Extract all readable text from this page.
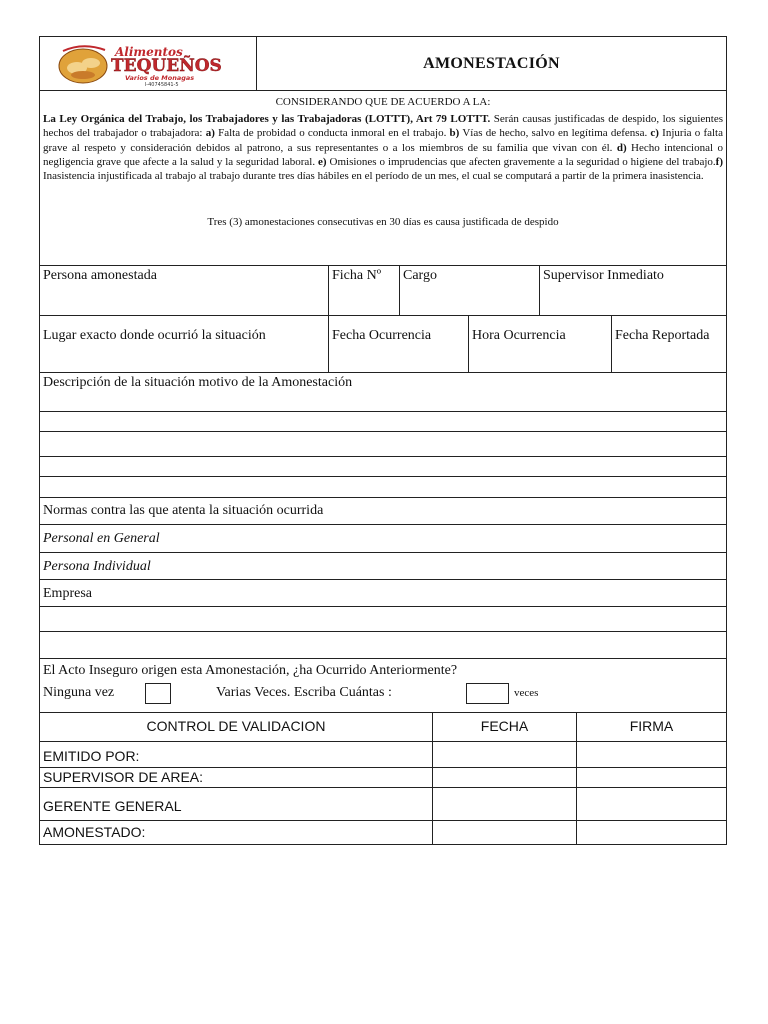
Alimentos
TEQUEÑOS
Varios de Monagas
J-40745841-5
AMONESTACIÓN
CONSIDERANDO QUE DE ACUERDO A LA:
La Ley Orgánica del Trabajo, los Trabajadores y las Trabajadoras (LOTTT), Art 79 LOTTT. Serán causas justificadas de despido, los siguientes hechos del trabajador o trabajadora: a) Falta de probidad o conducta inmoral en el trabajo. b) Vías de hecho, salvo en legítima defensa. c) Injuria o falta grave al respeto y consideración debidos al patrono, a sus representantes o a los miembros de su familia que vivan con él. d) Hecho intencional o negligencia grave que afecte a la salud y la seguridad laboral. e) Omisiones o imprudencias que afecten gravemente a la seguridad o higiene del trabajo.f) Inasistencia injustificada al trabajo al trabajo durante tres días hábiles en el período de un mes, el cual se computará a partir de la primera inasistencia.
Tres (3) amonestaciones consecutivas en 30 días es causa justificada de despido
Persona amonestada	Ficha Nº	Cargo	Supervisor Inmediato
Lugar exacto donde ocurrió la situación	Fecha Ocurrencia	Hora Ocurrencia	Fecha Reportada
Descripción de la situación motivo de la Amonestación
Normas contra las que atenta la situación ocurrida
Personal en General
Persona Individual
Empresa
El Acto Inseguro origen esta Amonestación, ¿ha Ocurrido Anteriormente?
Ninguna vez	Varias Veces. Escriba Cuántas :	veces
CONTROL DE VALIDACION	FECHA	FIRMA
EMITIDO POR:
SUPERVISOR DE AREA:
GERENTE GENERAL
AMONESTADO:
